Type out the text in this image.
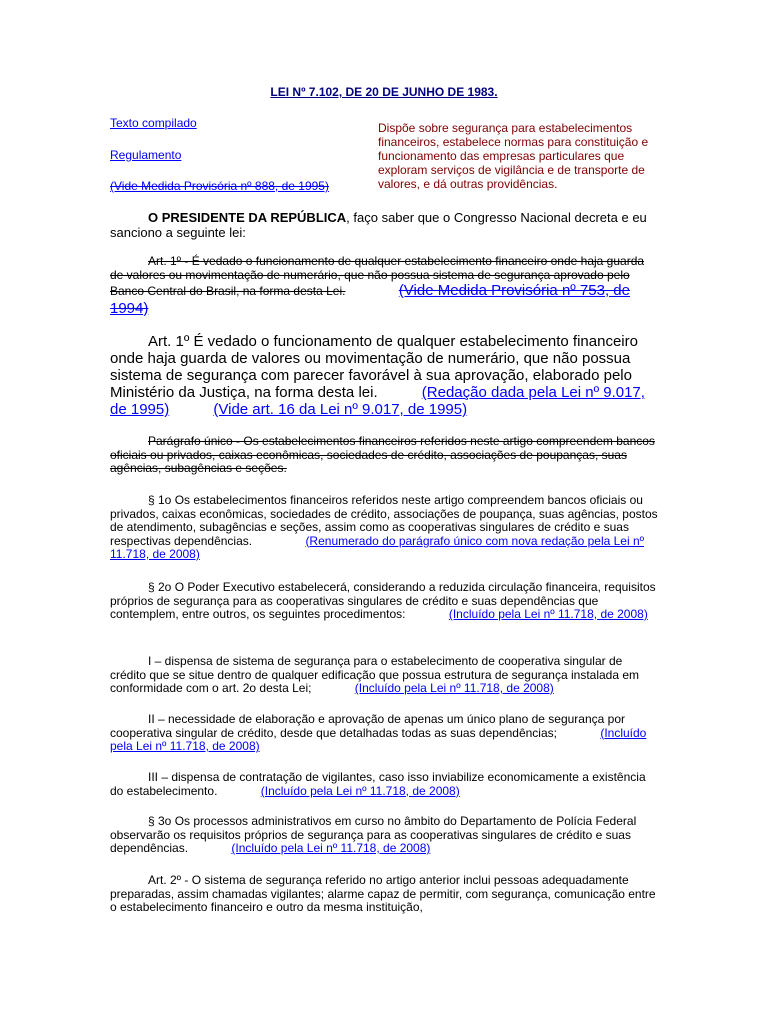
LEI Nº 7.102, DE 20 DE JUNHO DE 1983.
Texto compilado
Regulamento
(Vide Medida Provisória nº 888, de 1995)
Dispõe sobre segurança para estabelecimentos financeiros, estabelece normas para constituição e funcionamento das empresas particulares que exploram serviços de vigilância e de transporte de valores, e dá outras providências.
O PRESIDENTE DA REPÚBLICA, faço saber que o Congresso Nacional decreta e eu sanciono a seguinte lei:
Art. 1º - É vedado o funcionamento de qualquer estabelecimento financeiro onde haja guarda de valores ou movimentação de numerário, que não possua sistema de segurança aprovado pelo Banco Central do Brasil, na forma desta Lei.	(Vide Medida Provisória nº 753, de 1994)
Art. 1º É vedado o funcionamento de qualquer estabelecimento financeiro onde haja guarda de valores ou movimentação de numerário, que não possua sistema de segurança com parecer favorável à sua aprovação, elaborado pelo Ministério da Justiça, na forma desta lei.	(Redação dada pela Lei nº 9.017, de 1995)	(Vide art. 16 da Lei nº 9.017, de 1995)
Parágrafo único - Os estabelecimentos financeiros referidos neste artigo compreendem bancos oficiais ou privados, caixas econômicas, sociedades de crédito, associações de poupanças, suas agências, subagências e seções.
§ 1o Os estabelecimentos financeiros referidos neste artigo compreendem bancos oficiais ou privados, caixas econômicas, sociedades de crédito, associações de poupança, suas agências, postos de atendimento, subagências e seções, assim como as cooperativas singulares de crédito e suas respectivas dependências.	(Renumerado do parágrafo único com nova redação pela Lei nº 11.718, de 2008)
§ 2o O Poder Executivo estabelecerá, considerando a reduzida circulação financeira, requisitos próprios de segurança para as cooperativas singulares de crédito e suas dependências que contemplem, entre outros, os seguintes procedimentos:	(Incluído pela Lei nº 11.718, de 2008)
I – dispensa de sistema de segurança para o estabelecimento de cooperativa singular de crédito que se situe dentro de qualquer edificação que possua estrutura de segurança instalada em conformidade com o art. 2o desta Lei;	(Incluído pela Lei nº 11.718, de 2008)
II – necessidade de elaboração e aprovação de apenas um único plano de segurança por cooperativa singular de crédito, desde que detalhadas todas as suas dependências;	(Incluído pela Lei nº 11.718, de 2008)
III – dispensa de contratação de vigilantes, caso isso inviabilize economicamente a existência do estabelecimento.	(Incluído pela Lei nº 11.718, de 2008)
§ 3o Os processos administrativos em curso no âmbito do Departamento de Polícia Federal observarão os requisitos próprios de segurança para as cooperativas singulares de crédito e suas dependências.	(Incluído pela Lei nº 11.718, de 2008)
Art. 2º - O sistema de segurança referido no artigo anterior inclui pessoas adequadamente preparadas, assim chamadas vigilantes; alarme capaz de permitir, com segurança, comunicação entre o estabelecimento financeiro e outro da mesma instituição,
